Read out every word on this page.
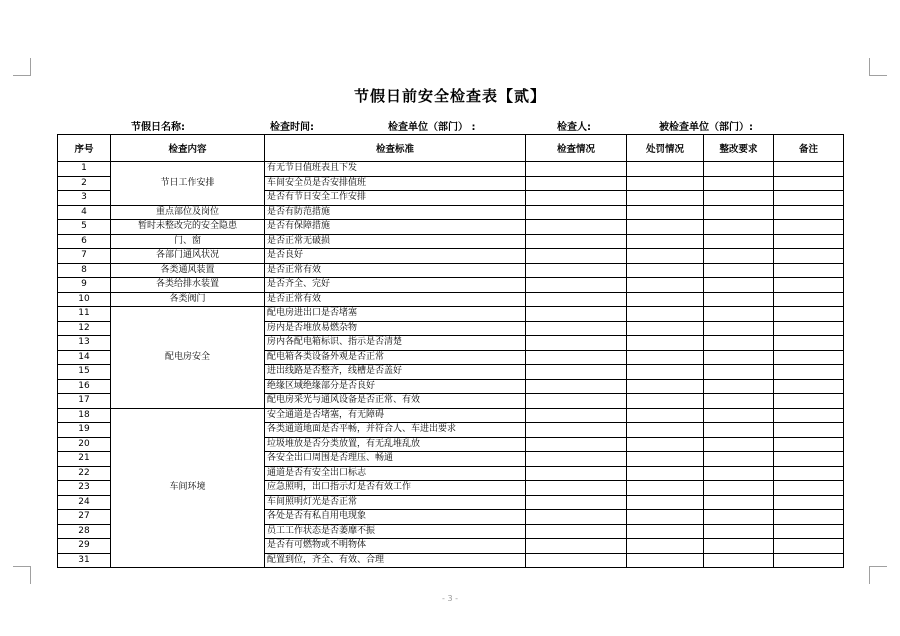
节假日前安全检查表【贰】
节假日名称:	检查时间:	检查单位（部门） :	检查人:	被检查单位（部门）:
序号	检查内容	检查标准	检查情况	处罚情况	整改要求	备注
1	节日工作安排	有无节日值班表且下发				
2		车间安全员是否安排值班				
3		是否有节日安全工作安排				
4	重点部位及岗位	是否有防范措施				
5	暂时未整改完的安全隐患	是否有保障措施				
6	门、窗	是否正常无破损				
7	各部门通风状况	是否良好				
8	各类通风装置	是否正常有效				
9	各类给排水装置	是否齐全、完好				
10	各类阀门	是否正常有效				
11	配电房安全	配电房进出口是否堵塞				
12		房内是否堆放易燃杂物				
13		房内各配电箱标识、指示是否清楚				
14		配电箱各类设备外观是否正常				
15		进出线路是否整齐，线槽是否盖好				
16		绝缘区域绝缘部分是否良好				
17		配电房采光与通风设备是否正常、有效				
18	车间环境	安全通道是否堵塞，有无障碍				
19		各类通道地面是否平畅，并符合人、车进出要求				
20		垃圾堆放是否分类放置，有无乱堆乱放				
21		各安全出口周围是否理压、畅通				
22		通道是否有安全出口标志				
23		应急照明，出口指示灯是否有效工作				
24		车间照明灯光是否正常				
27		各处是否有私自用电现象				
28		员工工作状态是否萎靡不振				
29		是否有可燃物或不明物体				
31		配置到位，齐全、有效、合理				
- 3 -
